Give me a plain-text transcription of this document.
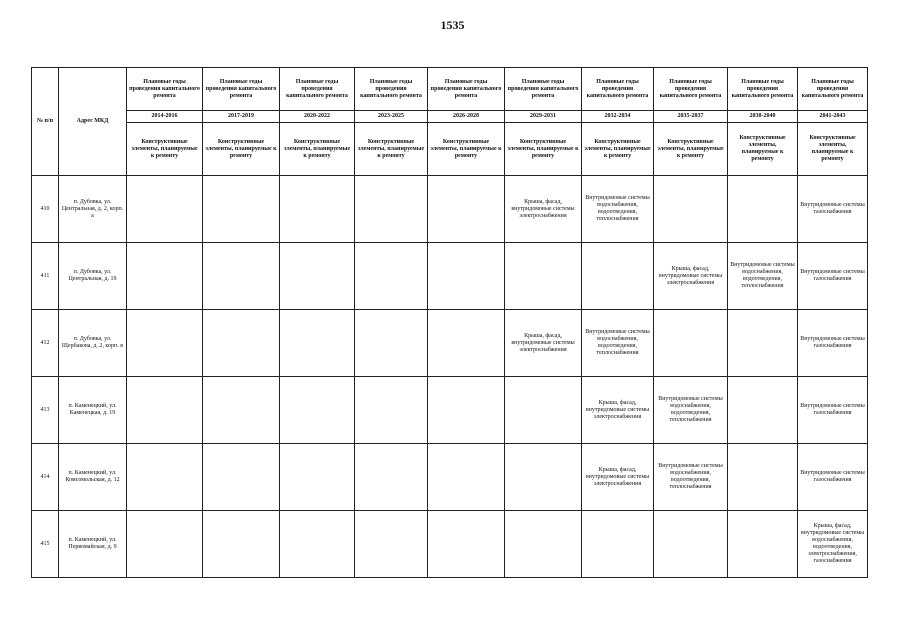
1535
№ п/п	Адрес МКД	Плановые годы проведения капитального ремонта	Плановые годы проведения капитального ремонта	Плановые годы проведения капитального ремонта	Плановые годы проведения капитального ремонта	Плановые годы проведения капитального ремонта	Плановые годы проведения капитального ремонта	Плановые годы проведения капитального ремонта	Плановые годы проведения капитального ремонта	Плановые годы проведения капитального ремонта	Плановые годы проведения капитального ремонта
		2014-2016	2017-2019	2020-2022	2023-2025	2026-2028	2029-2031	2032-2034	2035-2037	2038-2040	2041-2043
		Конструктивные элементы, планируемые к ремонту	Конструктивные элементы, планируемые к ремонту	Конструктивные элементы, планируемые к ремонту	Конструктивные элементы, планируемые к ремонту	Конструктивные элементы, планируемые к ремонту	Конструктивные элементы, планируемые к ремонту	Конструктивные элементы, планируемые к ремонту	Конструктивные элементы, планируемые к ремонту	Конструктивные элементы, планируемые к ремонту	Конструктивные элементы, планируемые к ремонту
410	п. Дубовка, ул. Центральная, д. 2, корп. а						Крыша, фасад, внутридомовые системы электроснабжения	Внутридомовые системы водоснабжения, водоотведения, теплоснабжения			Внутридомовые системы газоснабжения
411	п. Дубовка, ул. Центральная, д. 19								Крыша, фасад, внутридомовые системы электроснабжения	Внутридомовые системы водоснабжения, водоотведения, теплоснабжения	Внутридомовые системы газоснабжения
412	п. Дубовка, ул. Щербакова, д. 2, корп. в						Крыша, фасад, внутридомовые системы электроснабжения	Внутридомовые системы водоснабжения, водоотведения, теплоснабжения			Внутридомовые системы газоснабжения
413	п. Каменецкий, ул. Каменецкая, д. 19							Крыша, фасад, внутридомовые системы электроснабжения	Внутридомовые системы водоснабжения, водоотведения, теплоснабжения		Внутридомовые системы газоснабжения
414	п. Каменецкий, ул. Комсомольская, д. 12							Крыша, фасад, внутридомовые системы электроснабжения	Внутридомовые системы водоснабжения, водоотведения, теплоснабжения		Внутридомовые системы газоснабжения
415	п. Каменецкий, ул. Первомайская, д. 9										Крыша, фасад, внутридомовые системы водоснабжения, водоотведения, электроснабжения, газоснабжения
